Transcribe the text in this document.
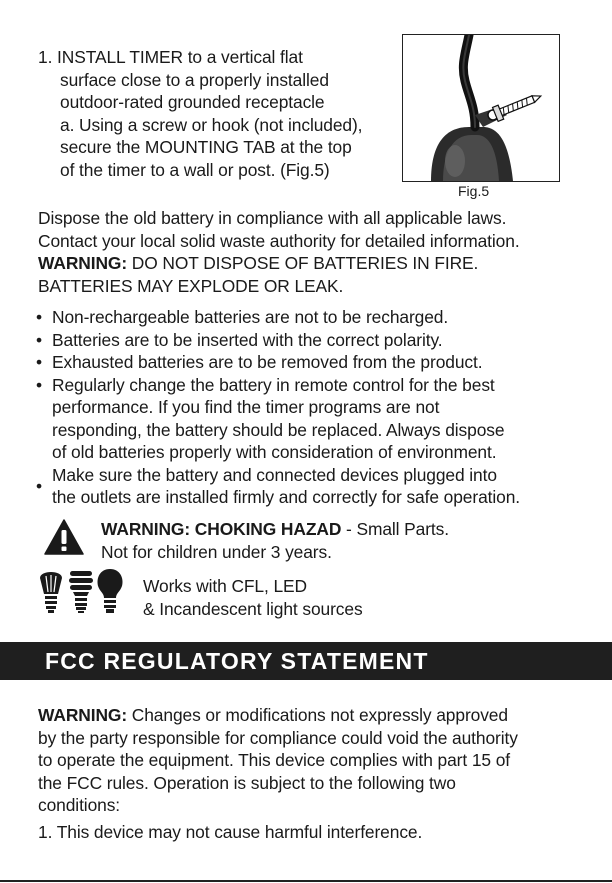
1. INSTALL TIMER to a vertical flat

surface close to a properly installed
outdoor-rated grounded receptacle
a. Using a screw or hook (not included),
secure the MOUNTING TAB at the top
of the timer to a wall or post. (Fig.5)

Fig.5

Dispose the old battery in compliance with all applicable laws.
Contact your local solid waste authority for detailed information.
WARNING: DO NOT DISPOSE OF BATTERIES IN FIRE.
BATTERIES MAY EXPLODE OR LEAK.

• Non-rechargeable batteries are not to be recharged.
• Batteries are to be inserted with the correct polarity.
• Exhausted batteries are to be removed from the product.
• Regularly change the battery in remote control for the best
performance. If you find the timer programs are not
responding, the battery should be replaced. Always dispose
of old batteries properly with consideration of environment.
•
Make sure the battery and connected devices plugged into
the outlets are installed firmly and correctly for safe operation.

WARNING: CHOKING HAZAD - Small Parts.
Not for children under 3 years.

Works with CFL, LED
& Incandescent light sources

FCC REGULATORY STATEMENT

WARNING: Changes or modifications not expressly approved
by the party responsible for compliance could void the authority
to operate the equipment. This device complies with part 15 of
the FCC rules. Operation is subject to the following two
conditions:

1. This device may not cause harmful interference.
